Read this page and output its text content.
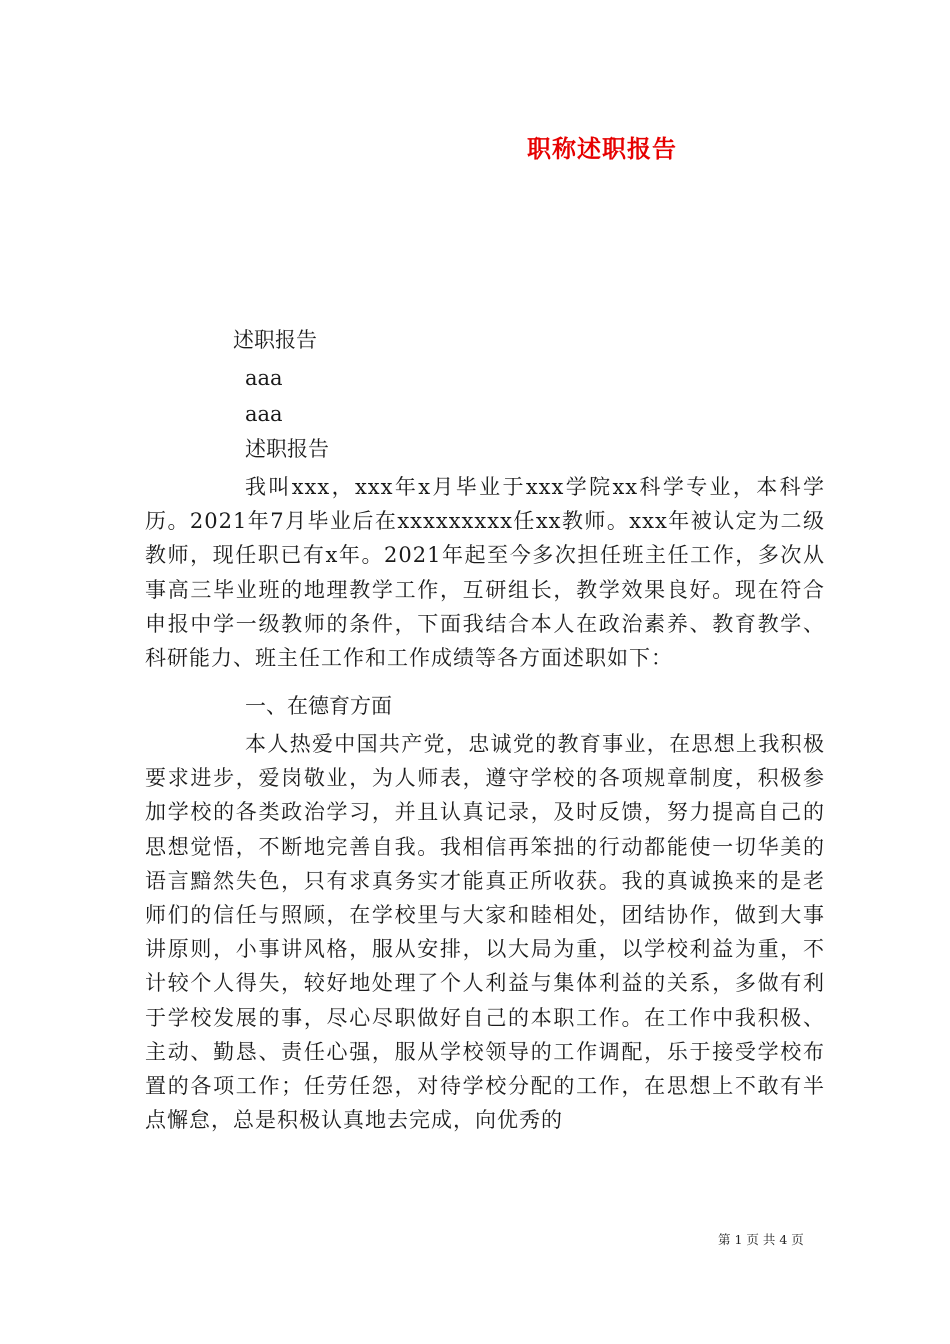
职称述职报告

述职报告

aaa

aaa

述职报告

我叫xxx，xxx年x月毕业于xxx学院xx科学专业，本科学历。2021年7月毕业后在xxxxxxxxx任xx教师。xxx年被认定为二级教师，现任职已有x年。2021年起至今多次担任班主任工作，多次从事高三毕业班的地理教学工作，互研组长，教学效果良好。现在符合申报中学一级教师的条件，下面我结合本人在政治素养、教育教学、科研能力、班主任工作和工作成绩等各方面述职如下：

一、在德育方面

本人热爱中国共产党，忠诚党的教育事业，在思想上我积极要求进步，爱岗敬业，为人师表，遵守学校的各项规章制度，积极参加学校的各类政治学习，并且认真记录，及时反馈，努力提高自己的思想觉悟，不断地完善自我。我相信再笨拙的行动都能使一切华美的语言黯然失色，只有求真务实才能真正所收获。我的真诚换来的是老师们的信任与照顾，在学校里与大家和睦相处，团结协作，做到大事讲原则，小事讲风格，服从安排，以大局为重，以学校利益为重，不计较个人得失，较好地处理了个人利益与集体利益的关系，多做有利于学校发展的事，尽心尽职做好自己的本职工作。在工作中我积极、主动、勤恳、责任心强，服从学校领导的工作调配，乐于接受学校布置的各项工作；任劳任怨，对待学校分配的工作，在思想上不敢有半点懈怠，总是积极认真地去完成，向优秀的

第 1 页 共 4 页
